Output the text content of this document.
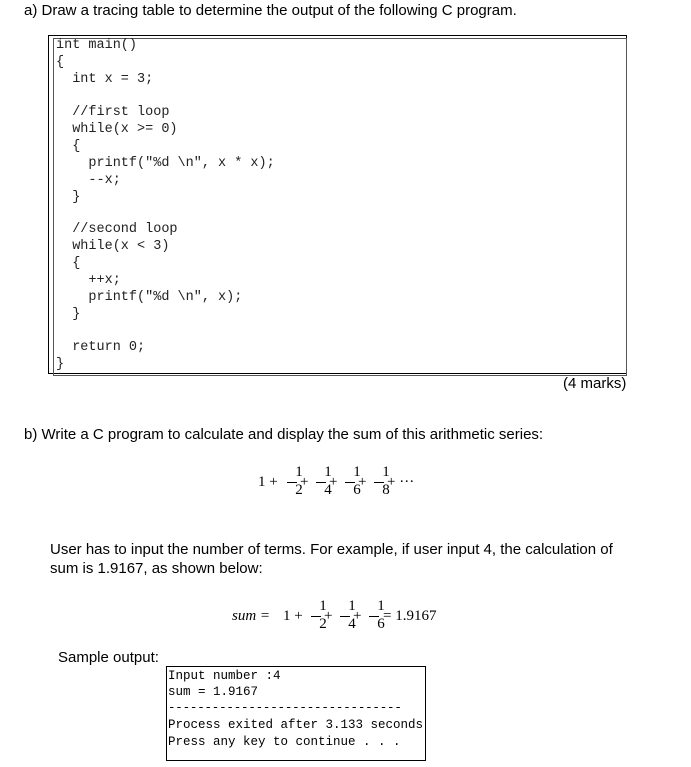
a) Draw a tracing table to determine the output of the following C program.
int main()
{
int x = 3;
//first loop
while(x >= 0)
{
printf("%d \n", x * x);
--x;
}
//second loop
while(x < 3)
{
++x;
printf("%d \n", x);
}
return 0;
}
(4 marks)
b) Write a C program to calculate and display the sum of this arithmetic series:
1 +
1
2
+
1
4
+
1
6
+
1
8
+ ···
User has to input the number of terms. For example, if user input 4, the calculation of
sum is 1.9167, as shown below:
sum = 1 +
1
2
+
1
4
+
1
6
= 1.9167
Sample output:
Input number :4
sum = 1.9167
--------------------------------
Process exited after 3.133 seconds
Press any key to continue . . .
